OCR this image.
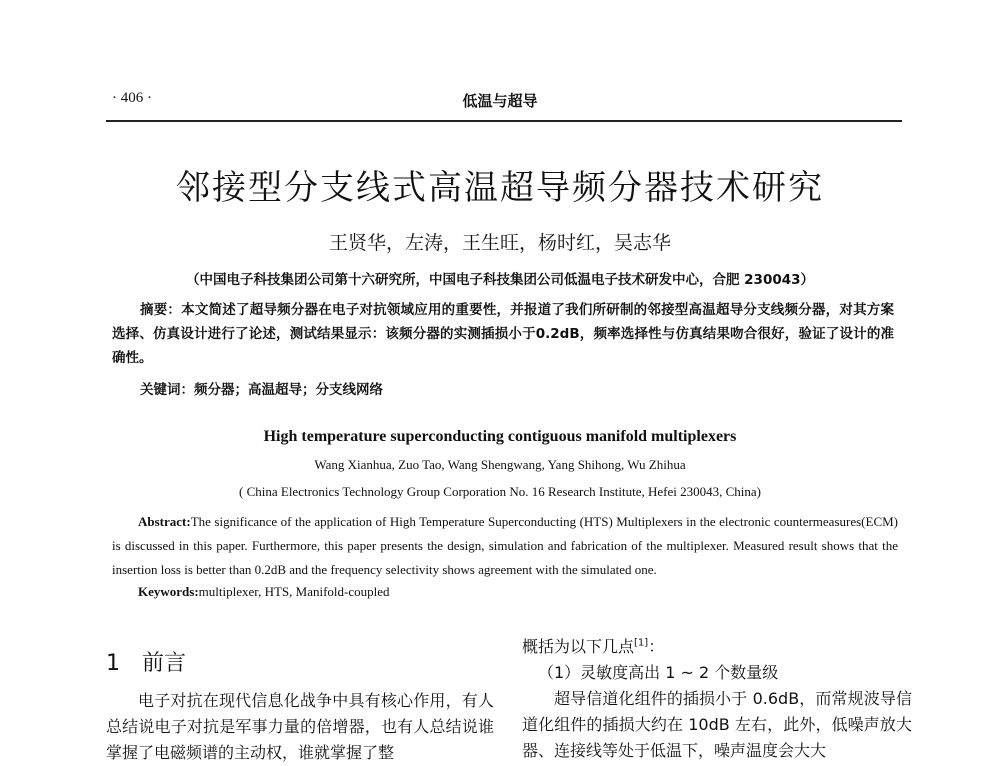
· 406 ·	低温与超导
邻接型分支线式高温超导频分器技术研究
王贤华，左涛，王生旺，杨时红，吴志华
（中国电子科技集团公司第十六研究所，中国电子科技集团公司低温电子技术研发中心，合肥 230043）

摘要：本文简述了超导频分器在电子对抗领域应用的重要性，并报道了我们所研制的邻接型高温超导分支线频分器，对其方案选择、仿真设计进行了论述，测试结果显示：该频分器的实测插损小于0.2dB，频率选择性与仿真结果吻合很好，验证了设计的准确性。

关键词：频分器；高温超导；分支线网络
High temperature superconducting contiguous manifold multiplexers
Wang Xianhua, Zuo Tao, Wang Shengwang, Yang Shihong, Wu Zhihua
( China Electronics Technology Group Corporation No. 16 Research Institute, Hefei 230043, China)

Abstract:The significance of the application of High Temperature Superconducting (HTS) Multiplexers in the electronic countermeasures(ECM) is discussed in this paper. Furthermore, this paper presents the design, simulation and fabrication of the multiplexer. Measured result shows that the insertion loss is better than 0.2dB and the frequency selectivity shows agreement with the simulated one.

Keywords:multiplexer, HTS, Manifold-coupled
1 前言

电子对抗在现代信息化战争中具有核心作用，有人总结说电子对抗是军事力量的倍增器，也有人总结说谁掌握了电磁频谱的主动权，谁就掌握了整

概括为以下几点[1]：

（1）灵敏度高出 1 ~ 2 个数量级

超导信道化组件的插损小于 0.6dB，而常规波导信道化组件的插损大约在 10dB 左右，此外，低噪声放大器、连接线等处于低温下，噪声温度会大大
